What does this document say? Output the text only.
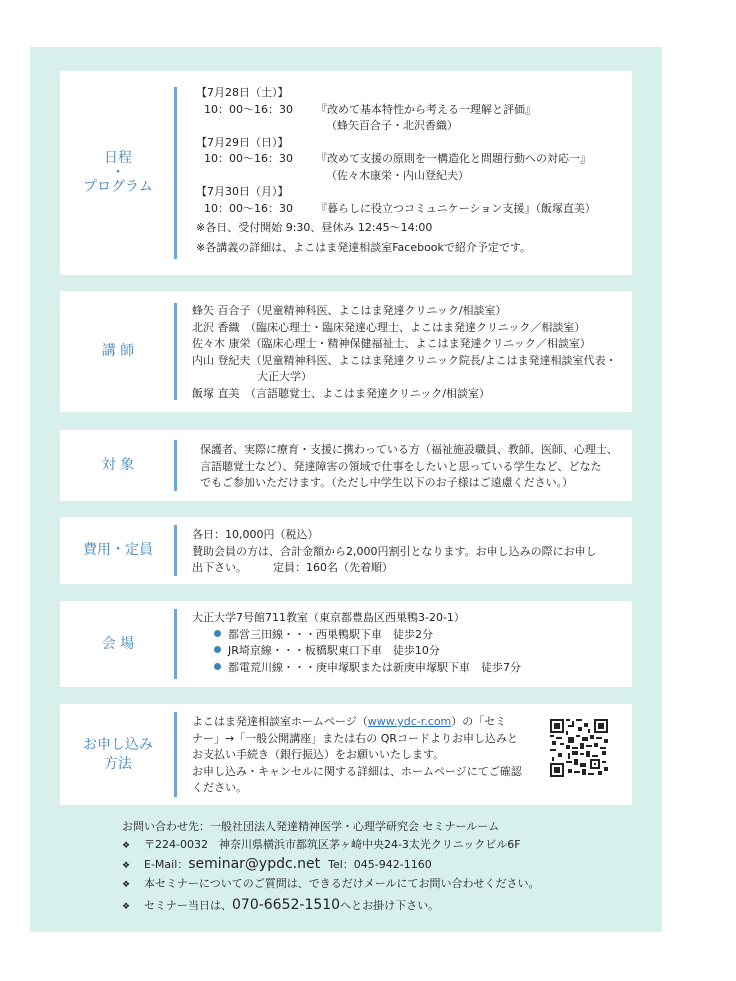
日程
・
プログラム
【7月28日（土）】
10：00～16：30 『改めて基本特性から考える一理解と評価』
（蜂矢百合子・北沢香織）
【7月29日（日）】
10：00～16：30 『改めて支援の原則を一構造化と問題行動への対応一』
（佐々木康栄・内山登紀夫）
【7月30日（月）】
10：00～16：30 『暮らしに役立つコミュニケーション支援』（飯塚直美）
※各日、受付開始 9:30、昼休み 12:45～14:00
※各講義の詳細は、よこはま発達相談室Facebookで紹介予定です。
講 師
蜂矢 百合子（児童精神科医、よこはま発達クリニック/相談室）
北沢 香織　（臨床心理士・臨床発達心理士、よこはま発達クリニック／相談室）
佐々木 康栄（臨床心理士・精神保健福祉士、よこはま発達クリニック／相談室）
内山 登紀夫（児童精神科医、よこはま発達クリニック院長/よこはま発達相談室代表・
大正大学）
飯塚 直美　（言語聴覚士、よこはま発達クリニック/相談室）
対 象
保護者、実際に療育・支援に携わっている方（福祉施設職員、教師、医師、心理士、
言語聴覚士など）、発達障害の領域で仕事をしたいと思っている学生など、どなた
でもご参加いただけます。（ただし中学生以下のお子様はご遠慮ください。）
費用・定員
各日：10,000円（税込）
賛助会員の方は、合計金額から2,000円割引となります。お申し込みの際にお申し
出下さい。 定員：160名（先着順）
会 場
大正大学7号館711教室（東京都豊島区西巣鴨3-20-1）
都営三田線・・・西巣鴨駅下車　徒歩2分
JR埼京線・・・板橋駅東口下車　徒歩10分
都電荒川線・・・庚申塚駅または新庚申塚駅下車　徒歩7分
お申し込み
方法
よこはま発達相談室ホームページ（www.ydc-r.com）の「セミ
ナー」→「一般公開講座」または右の QRコードよりお申し込みと
お支払い手続き（銀行振込）をお願いいたします。
お申し込み・キャンセルに関する詳細は、ホームページにてご確認
ください。
お問い合わせ先：一般社団法人発達精神医学・心理学研究会 セミナールーム
❖ 〒224-0032　神奈川県横浜市都筑区茅ヶ崎中央24-3太光クリニックビル6F
❖ E-Mail：seminar@ypdc.net Tel：045-942-1160
❖ 本セミナーについてのご質問は、できるだけメールにてお問い合わせください。
❖ セミナー当日は、070-6652-1510へとお掛け下さい。
